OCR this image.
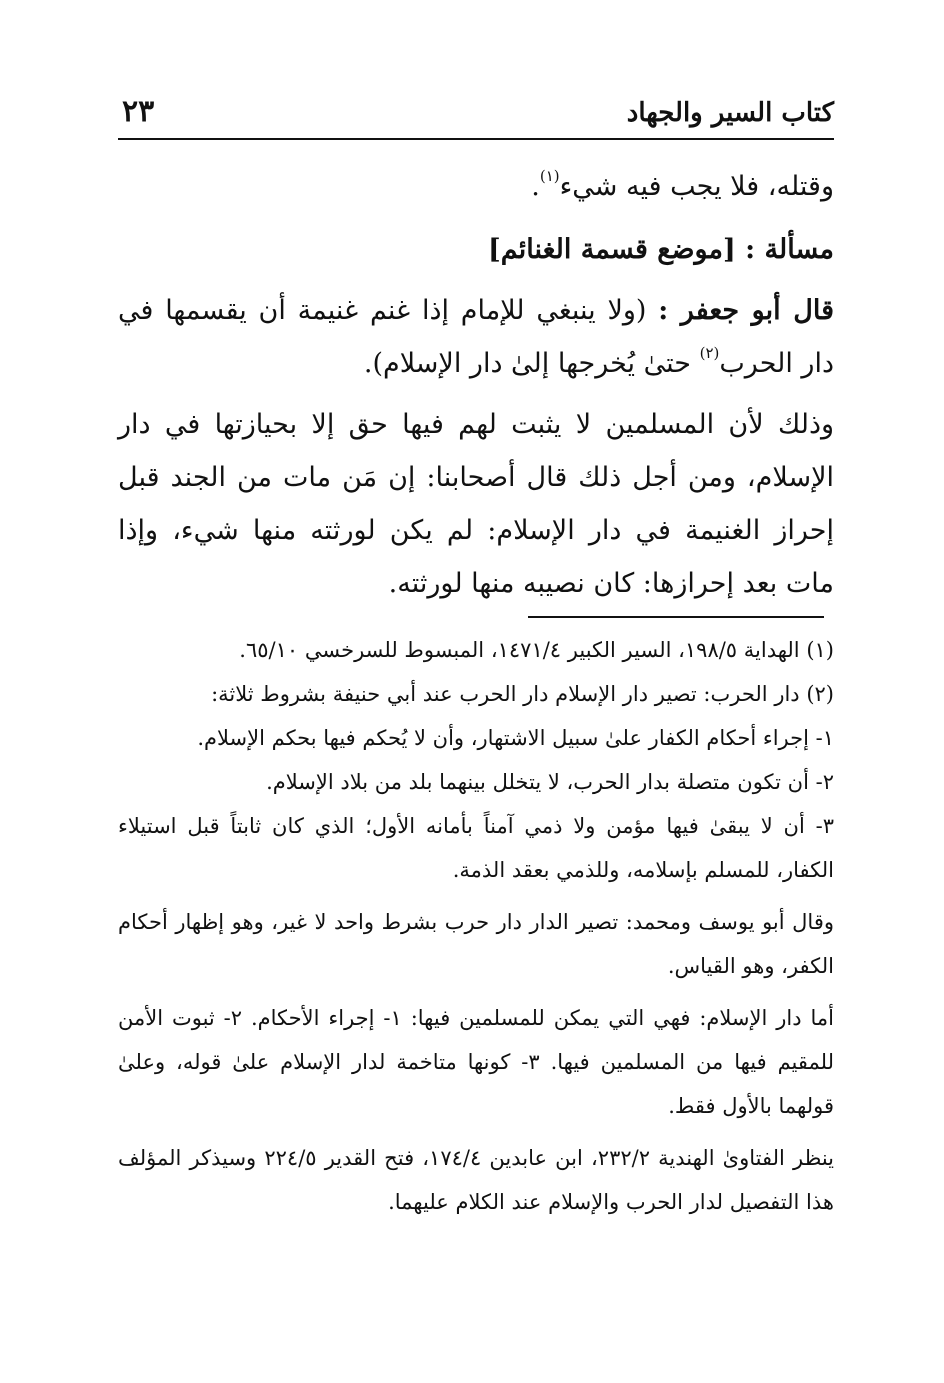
كتاب السير والجهاد
٢٣

وقتله، فلا يجب فيه شيء$^{(١)}$.

مسألة : [موضع قسمة الغنائم]

قال أبو جعفر : (ولا ينبغي للإمام إذا غنم غنيمة أن يقسمها في دار الحرب$^{(٢)}$ حتىٰ يُخرجها إلىٰ دار الإسلام).

وذلك لأن المسلمين لا يثبت لهم فيها حق إلا بحيازتها في دار الإسلام، ومن أجل ذلك قال أصحابنا: إن مَن مات من الجند قبل إحراز الغنيمة في دار الإسلام: لم يكن لورثته منها شيء، وإذا مات بعد إحرازها: كان نصيبه منها لورثته.

(١) الهداية ١٩٨/٥، السير الكبير ١٤٧١/٤، المبسوط للسرخسي ٦٥/١٠.

(٢) دار الحرب: تصير دار الإسلام دار الحرب عند أبي حنيفة بشروط ثلاثة:

١- إجراء أحكام الكفار علىٰ سبيل الاشتهار، وأن لا يُحكم فيها بحكم الإسلام.

٢- أن تكون متصلة بدار الحرب، لا يتخلل بينهما بلد من بلاد الإسلام.

٣- أن لا يبقىٰ فيها مؤمن ولا ذمي آمناً بأمانه الأول؛ الذي كان ثابتاً قبل استيلاء الكفار، للمسلم بإسلامه، وللذمي بعقد الذمة.

وقال أبو يوسف ومحمد: تصير الدار دار حرب بشرط واحد لا غير، وهو إظهار أحكام الكفر، وهو القياس.

أما دار الإسلام: فهي التي يمكن للمسلمين فيها: ١- إجراء الأحكام. ٢- ثبوت الأمن للمقيم فيها من المسلمين فيها. ٣- كونها متاخمة لدار الإسلام علىٰ قوله، وعلىٰ قولهما بالأول فقط.

ينظر الفتاوىٰ الهندية ٢٣٢/٢، ابن عابدين ١٧٤/٤، فتح القدير ٢٢٤/٥ وسيذكر المؤلف هذا التفصيل لدار الحرب والإسلام عند الكلام عليهما.
